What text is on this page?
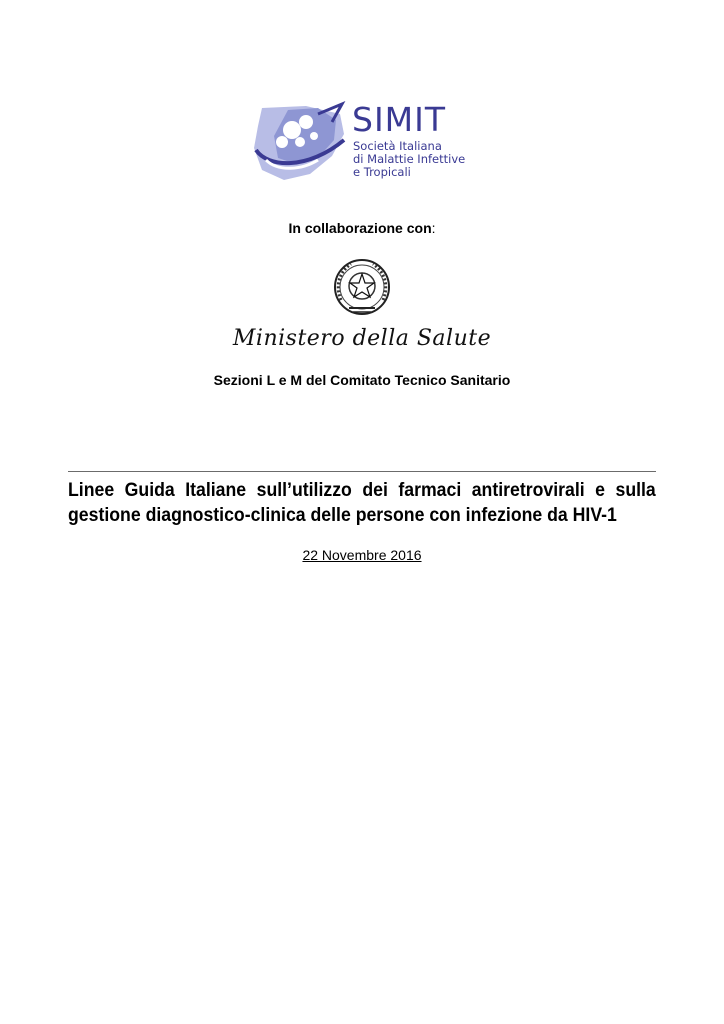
SIMIT
Società Italiana
di Malattie Infettive
e Tropicali
In collaborazione con:
Ministero della Salute
Sezioni L e M del Comitato Tecnico Sanitario
Linee Guida Italiane sull’utilizzo dei farmaci antiretrovirali e sulla gestione diagnostico-clinica delle persone con infezione da HIV-1
22 Novembre 2016
